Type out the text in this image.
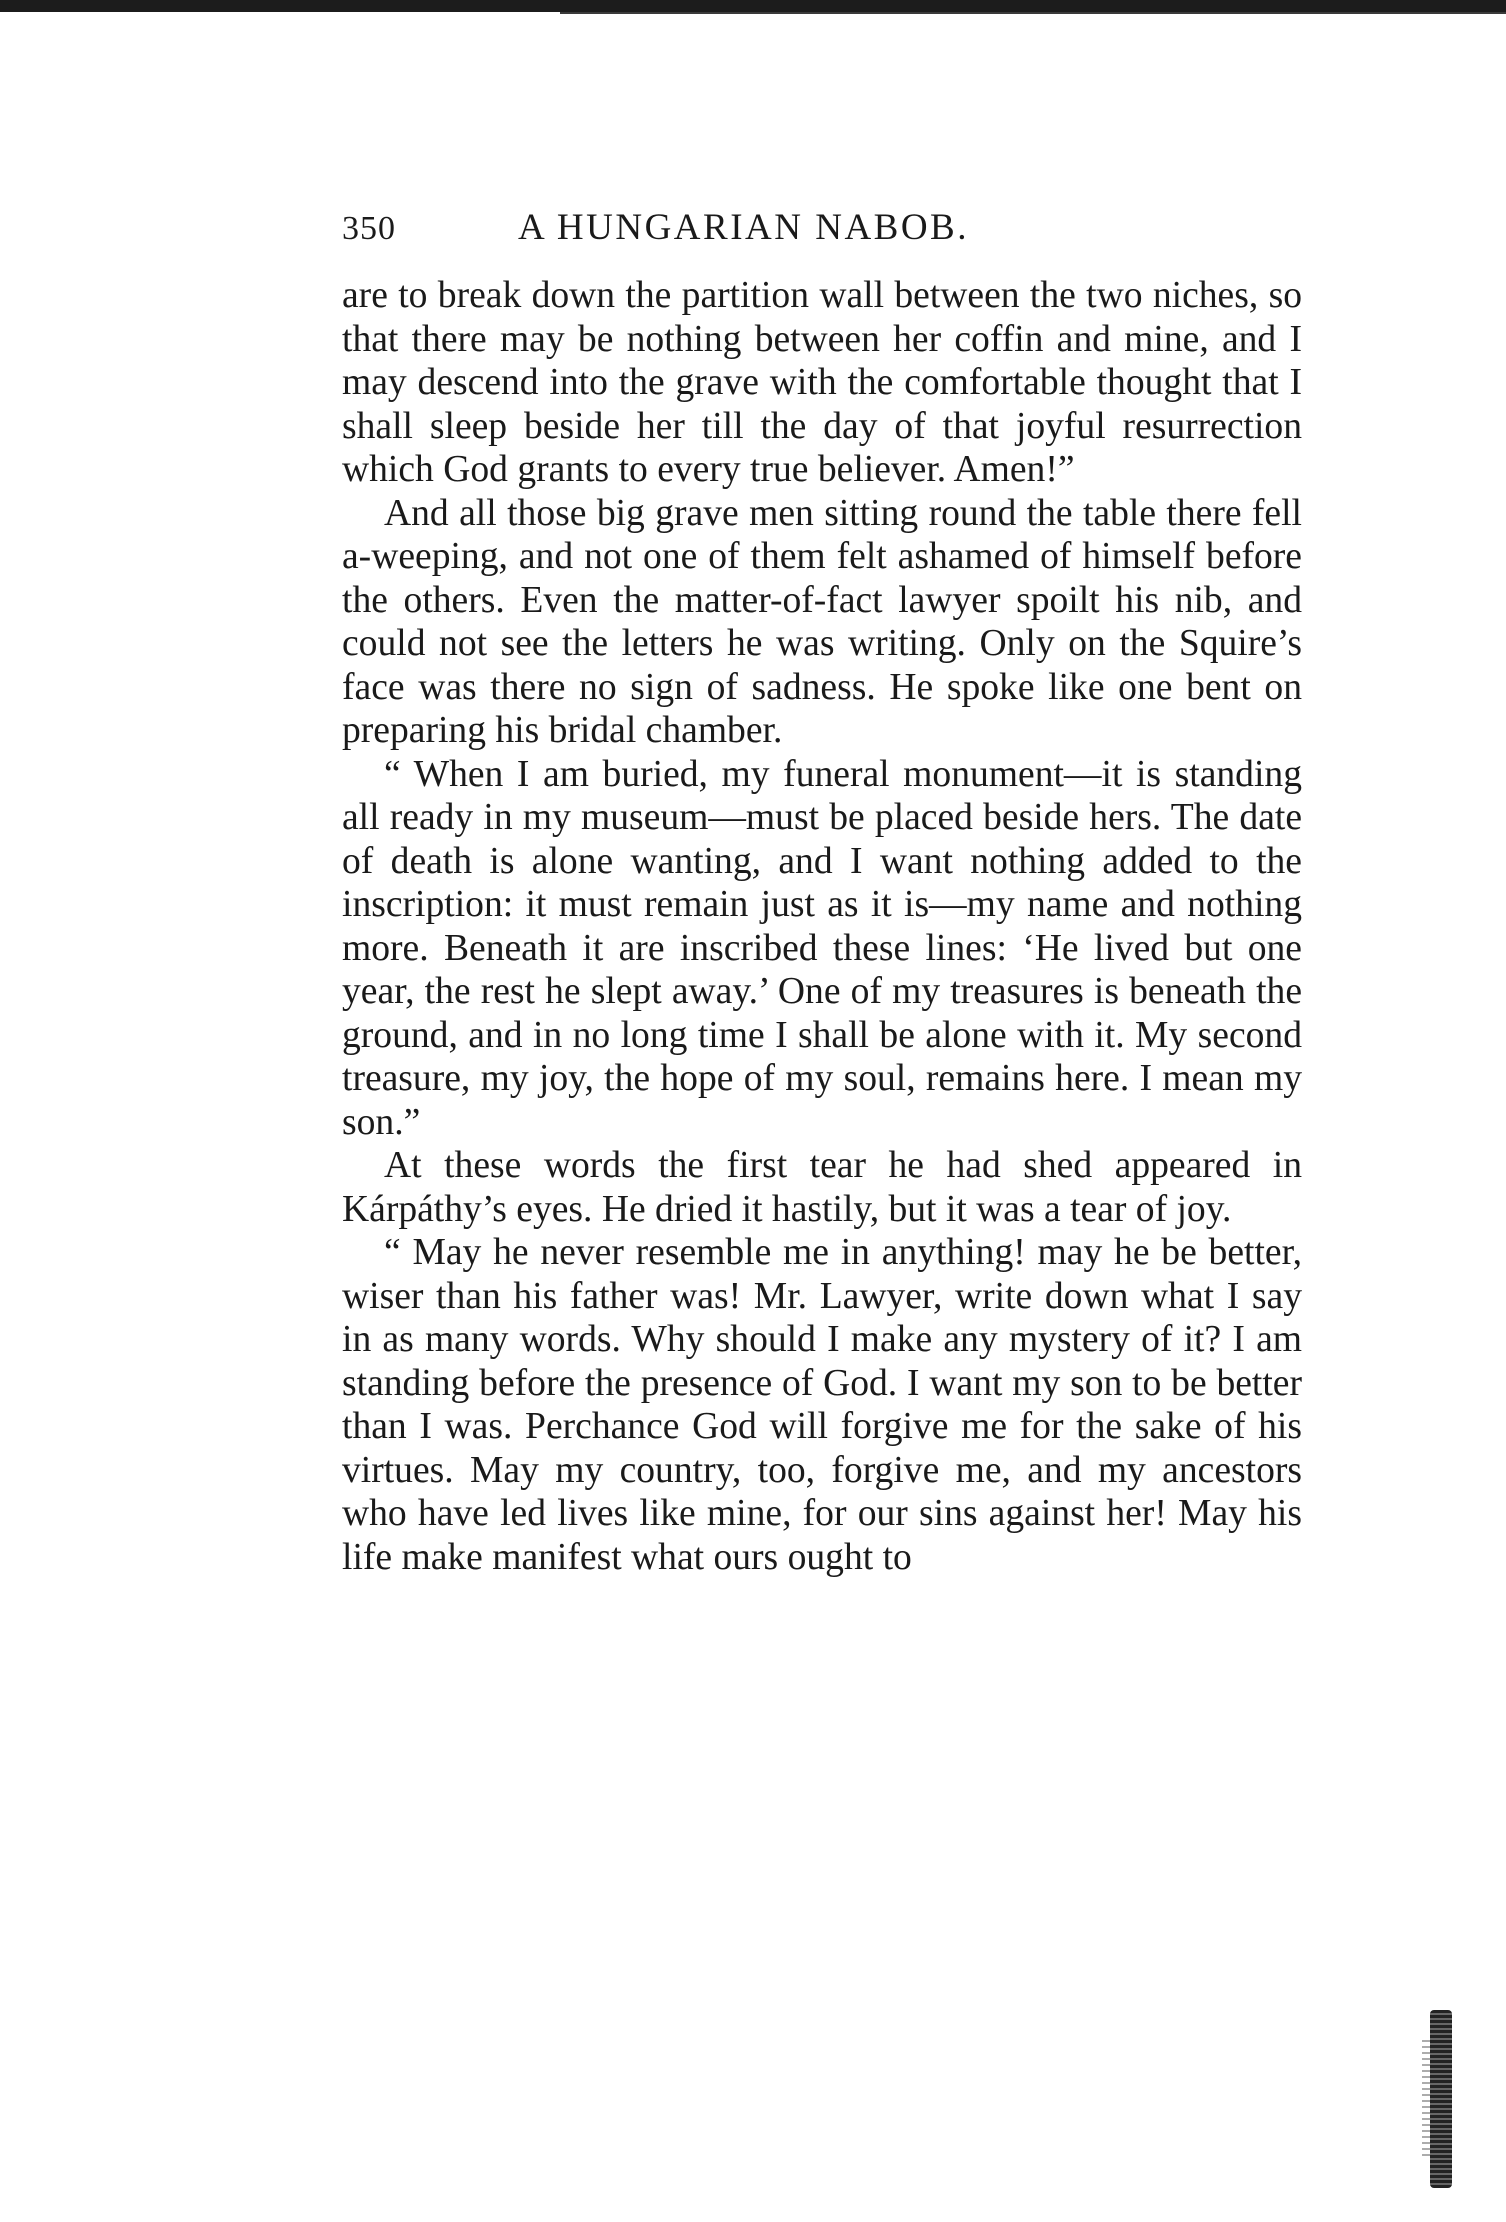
350	A HUNGARIAN NABOB.

are to break down the partition wall between the two niches, so that there may be nothing between her coffin and mine, and I may descend into the grave with the comfortable thought that I shall sleep beside her till the day of that joyful resurrection which God grants to every true believer. Amen!”

And all those big grave men sitting round the table there fell a-weeping, and not one of them felt ashamed of himself before the others. Even the matter-of-fact lawyer spoilt his nib, and could not see the letters he was writing. Only on the Squire’s face was there no sign of sadness. He spoke like one bent on preparing his bridal chamber.

“ When I am buried, my funeral monument—it is standing all ready in my museum—must be placed beside hers. The date of death is alone wanting, and I want nothing added to the inscription: it must remain just as it is—my name and nothing more. Beneath it are inscribed these lines: ‘He lived but one year, the rest he slept away.’ One of my treasures is beneath the ground, and in no long time I shall be alone with it. My second treasure, my joy, the hope of my soul, remains here. I mean my son.”

At these words the first tear he had shed appeared in Kárpáthy’s eyes. He dried it hastily, but it was a tear of joy.

“ May he never resemble me in anything! may he be better, wiser than his father was! Mr. Lawyer, write down what I say in as many words. Why should I make any mystery of it? I am standing before the presence of God. I want my son to be better than I was. Perchance God will forgive me for the sake of his virtues. May my country, too, forgive me, and my ancestors who have led lives like mine, for our sins against her! May his life make manifest what ours ought to
